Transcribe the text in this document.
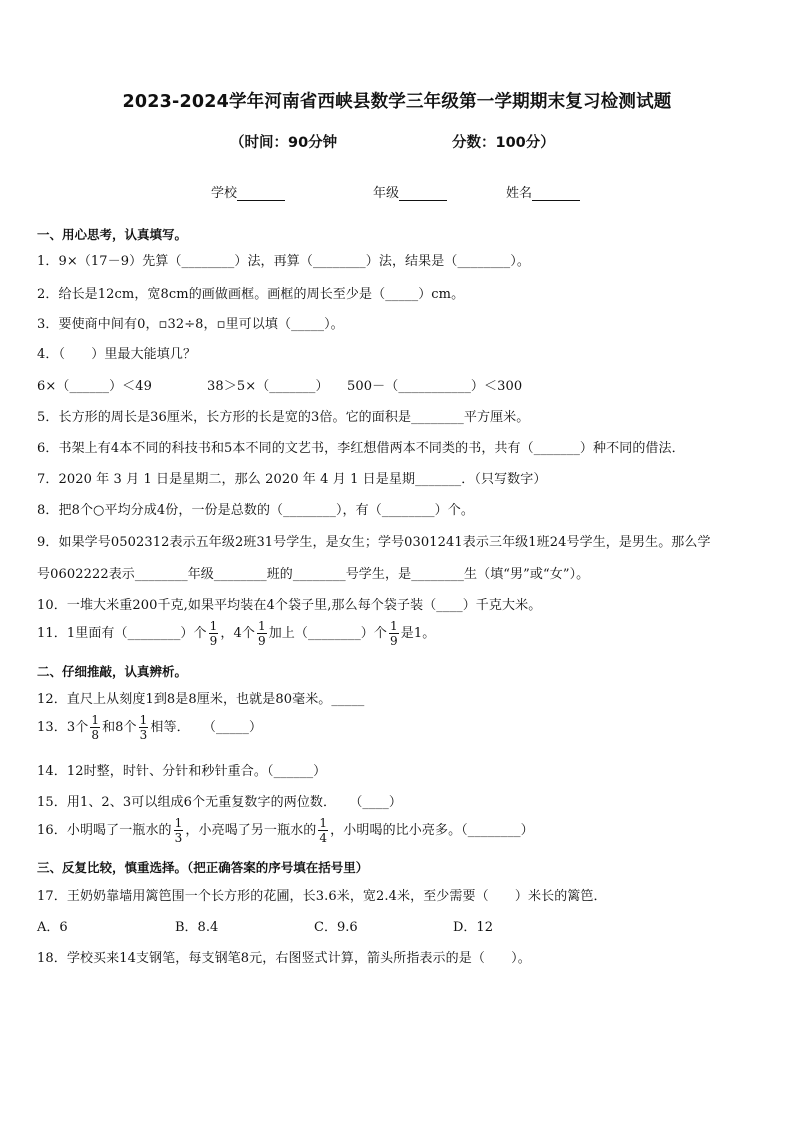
2023-2024学年河南省西峡县数学三年级第一学期期末复习检测试题
（时间：90分钟	分数：100分）
学校	年级	姓名
一、用心思考，认真填写。
1．9×（17－9）先算（________）法，再算（________）法，结果是（________）。
2．给长是12cm，宽8cm的画做画框。画框的周长至少是（_____）cm。
3．要使商中间有0，▫32÷8，▫里可以填（_____）。
4．（　　）里最大能填几？
6×（______）＜49	38＞5×（_______） 500－（___________）＜300
5．长方形的周长是36厘米，长方形的长是宽的3倍。它的面积是________平方厘米。
6．书架上有4本不同的科技书和5本不同的文艺书，李红想借两本不同类的书，共有（_______）种不同的借法．
7．2020 年 3 月 1 日是星期二，那么 2020 年 4 月 1 日是星期_______．（只写数字）
8．把8个○平均分成4份，一份是总数的（________），有（________）个。
9．如果学号0502312表示五年级2班31号学生，是女生；学号0301241表示三年级1班24号学生，是男生。那么学
号0602222表示________年级________班的________号学生，是________生（填“男”或“女”）。
10．一堆大米重200千克,如果平均装在4个袋子里,那么每个袋子装（____）千克大米。
11．1里面有（________）个 $\frac{1}{9}$ ，4个 $\frac{1}{9}$ 加上（________）个 $\frac{1}{9}$ 是1。
二、仔细推敲，认真辨析。
12．直尺上从刻度1到8是8厘米，也就是80毫米。_____
13．3个 $\frac{1}{8}$ 和8个 $\frac{1}{3}$ 相等．　　（_____）
14．12时整，时针、分针和秒针重合。（______）
15．用1、2、3可以组成6个无重复数字的两位数．　　（____）
16．小明喝了一瓶水的 $\frac{1}{3}$ ，小亮喝了另一瓶水的 $\frac{1}{4}$ ，小明喝的比小亮多。（________）
三、反复比较，慎重选择。（把正确答案的序号填在括号里）
17．王奶奶靠墙用篱笆围一个长方形的花圃，长3.6米，宽2.4米，至少需要（　　）米长的篱笆．
A．6	B．8.4	C．9.6	D．12
18．学校买来14支钢笔，每支钢笔8元，右图竖式计算，箭头所指表示的是（　　）。
